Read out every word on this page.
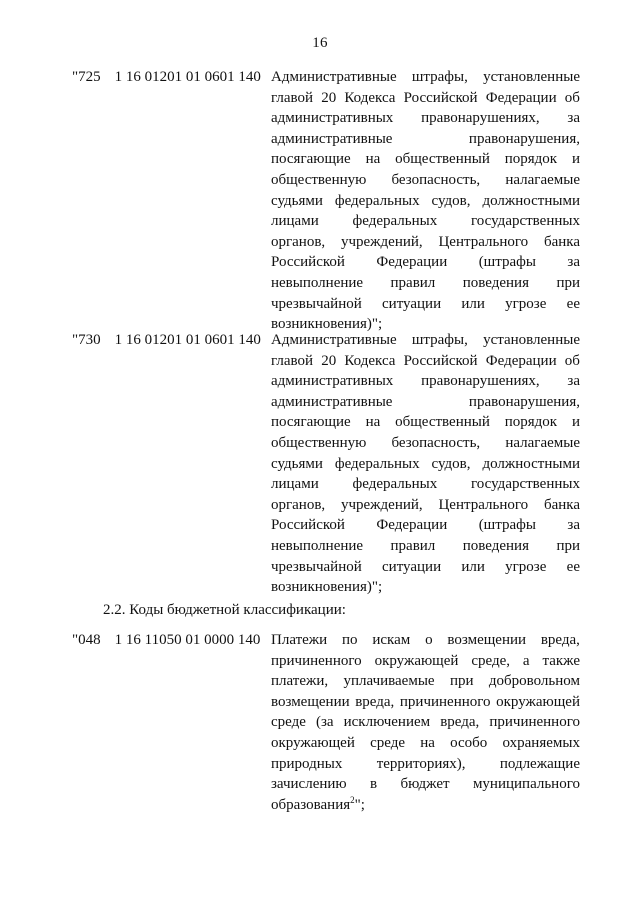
16
"725 1 16 01201 01 0601 140 Административные штрафы, установленные
главой 20 Кодекса Российской Федерации об
административных правонарушениях, за
административные	правонарушения,
посягающие на общественный порядок и
общественную безопасность, налагаемые
судьями федеральных судов, должностными
лицами федеральных государственных
органов, учреждений, Центрального банка
Российской Федерации (штрафы за
невыполнение правил поведения при
чрезвычайной ситуации или угрозе ее
возникновения)";
"730 1 16 01201 01 0601 140 Административные штрафы, установленные
главой 20 Кодекса Российской Федерации об
административных правонарушениях, за
административные	правонарушения,
посягающие на общественный порядок и
общественную безопасность, налагаемые
судьями федеральных судов, должностными
лицами федеральных государственных
органов, учреждений, Центрального банка
Российской Федерации (штрафы за
невыполнение правил поведения при
чрезвычайной ситуации или угрозе ее
возникновения)";
2.2. Коды бюджетной классификации:
"048 1 16 11050 01 0000 140 Платежи по искам о возмещении вреда,
причиненного окружающей среде, а также
платежи, уплачиваемые при добровольном
возмещении вреда, причиненного окружающей
среде (за исключением вреда, причиненного
окружающей среде на особо охраняемых
природных территориях), подлежащие
зачислению в бюджет муниципального
образования$^2$";
